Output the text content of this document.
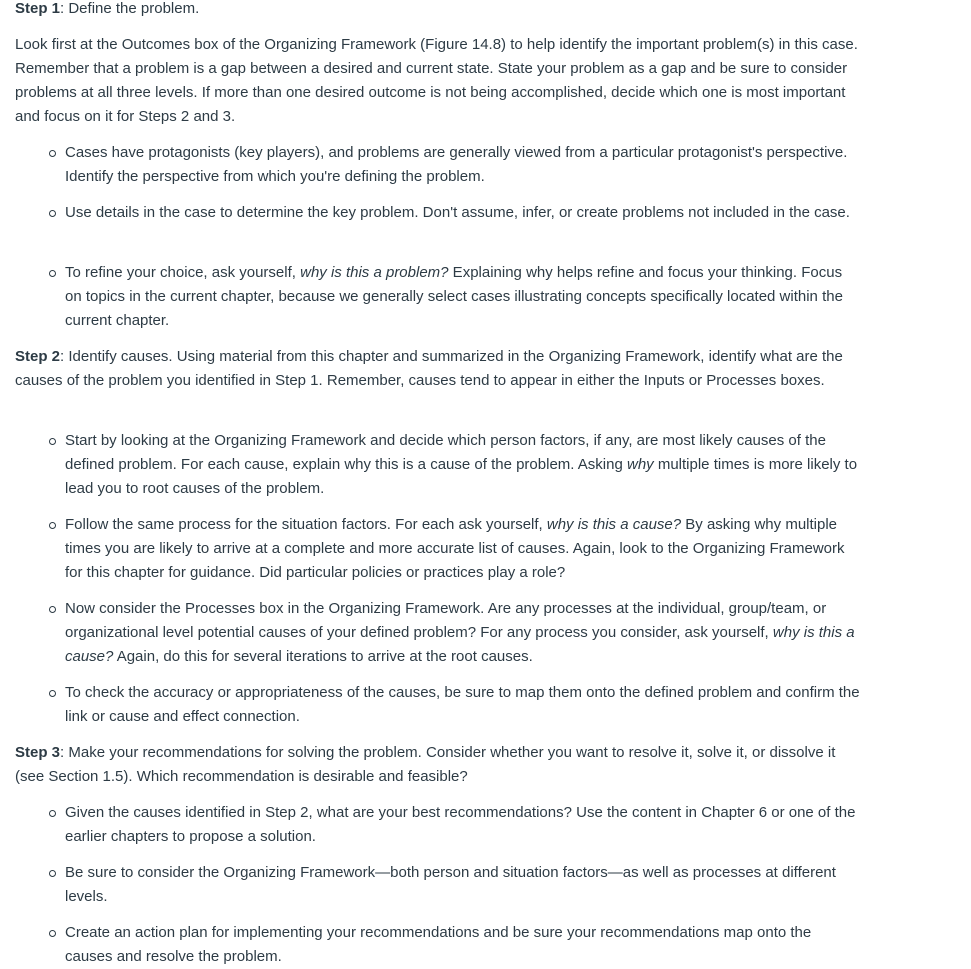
Step 1: Define the problem.

Look first at the Outcomes box of the Organizing Framework (Figure 14.8) to help identify the important problem(s) in this case. Remember that a problem is a gap between a desired and current state. State your problem as a gap and be sure to consider problems at all three levels. If more than one desired outcome is not being accomplished, decide which one is most important and focus on it for Steps 2 and 3.

Cases have protagonists (key players), and problems are generally viewed from a particular protagonist's perspective. Identify the perspective from which you're defining the problem.
Use details in the case to determine the key problem. Don't assume, infer, or create problems not included in the case.
To refine your choice, ask yourself, why is this a problem? Explaining why helps refine and focus your thinking. Focus on topics in the current chapter, because we generally select cases illustrating concepts specifically located within the current chapter.

Step 2: Identify causes. Using material from this chapter and summarized in the Organizing Framework, identify what are the causes of the problem you identified in Step 1. Remember, causes tend to appear in either the Inputs or Processes boxes.

Start by looking at the Organizing Framework and decide which person factors, if any, are most likely causes of the defined problem. For each cause, explain why this is a cause of the problem. Asking why multiple times is more likely to lead you to root causes of the problem.
Follow the same process for the situation factors. For each ask yourself, why is this a cause? By asking why multiple times you are likely to arrive at a complete and more accurate list of causes. Again, look to the Organizing Framework for this chapter for guidance. Did particular policies or practices play a role?
Now consider the Processes box in the Organizing Framework. Are any processes at the individual, group/team, or organizational level potential causes of your defined problem? For any process you consider, ask yourself, why is this a cause? Again, do this for several iterations to arrive at the root causes.
To check the accuracy or appropriateness of the causes, be sure to map them onto the defined problem and confirm the link or cause and effect connection.

Step 3: Make your recommendations for solving the problem. Consider whether you want to resolve it, solve it, or dissolve it (see Section 1.5). Which recommendation is desirable and feasible?

Given the causes identified in Step 2, what are your best recommendations? Use the content in Chapter 6 or one of the earlier chapters to propose a solution.
Be sure to consider the Organizing Framework—both person and situation factors—as well as processes at different levels.
Create an action plan for implementing your recommendations and be sure your recommendations map onto the causes and resolve the problem.
